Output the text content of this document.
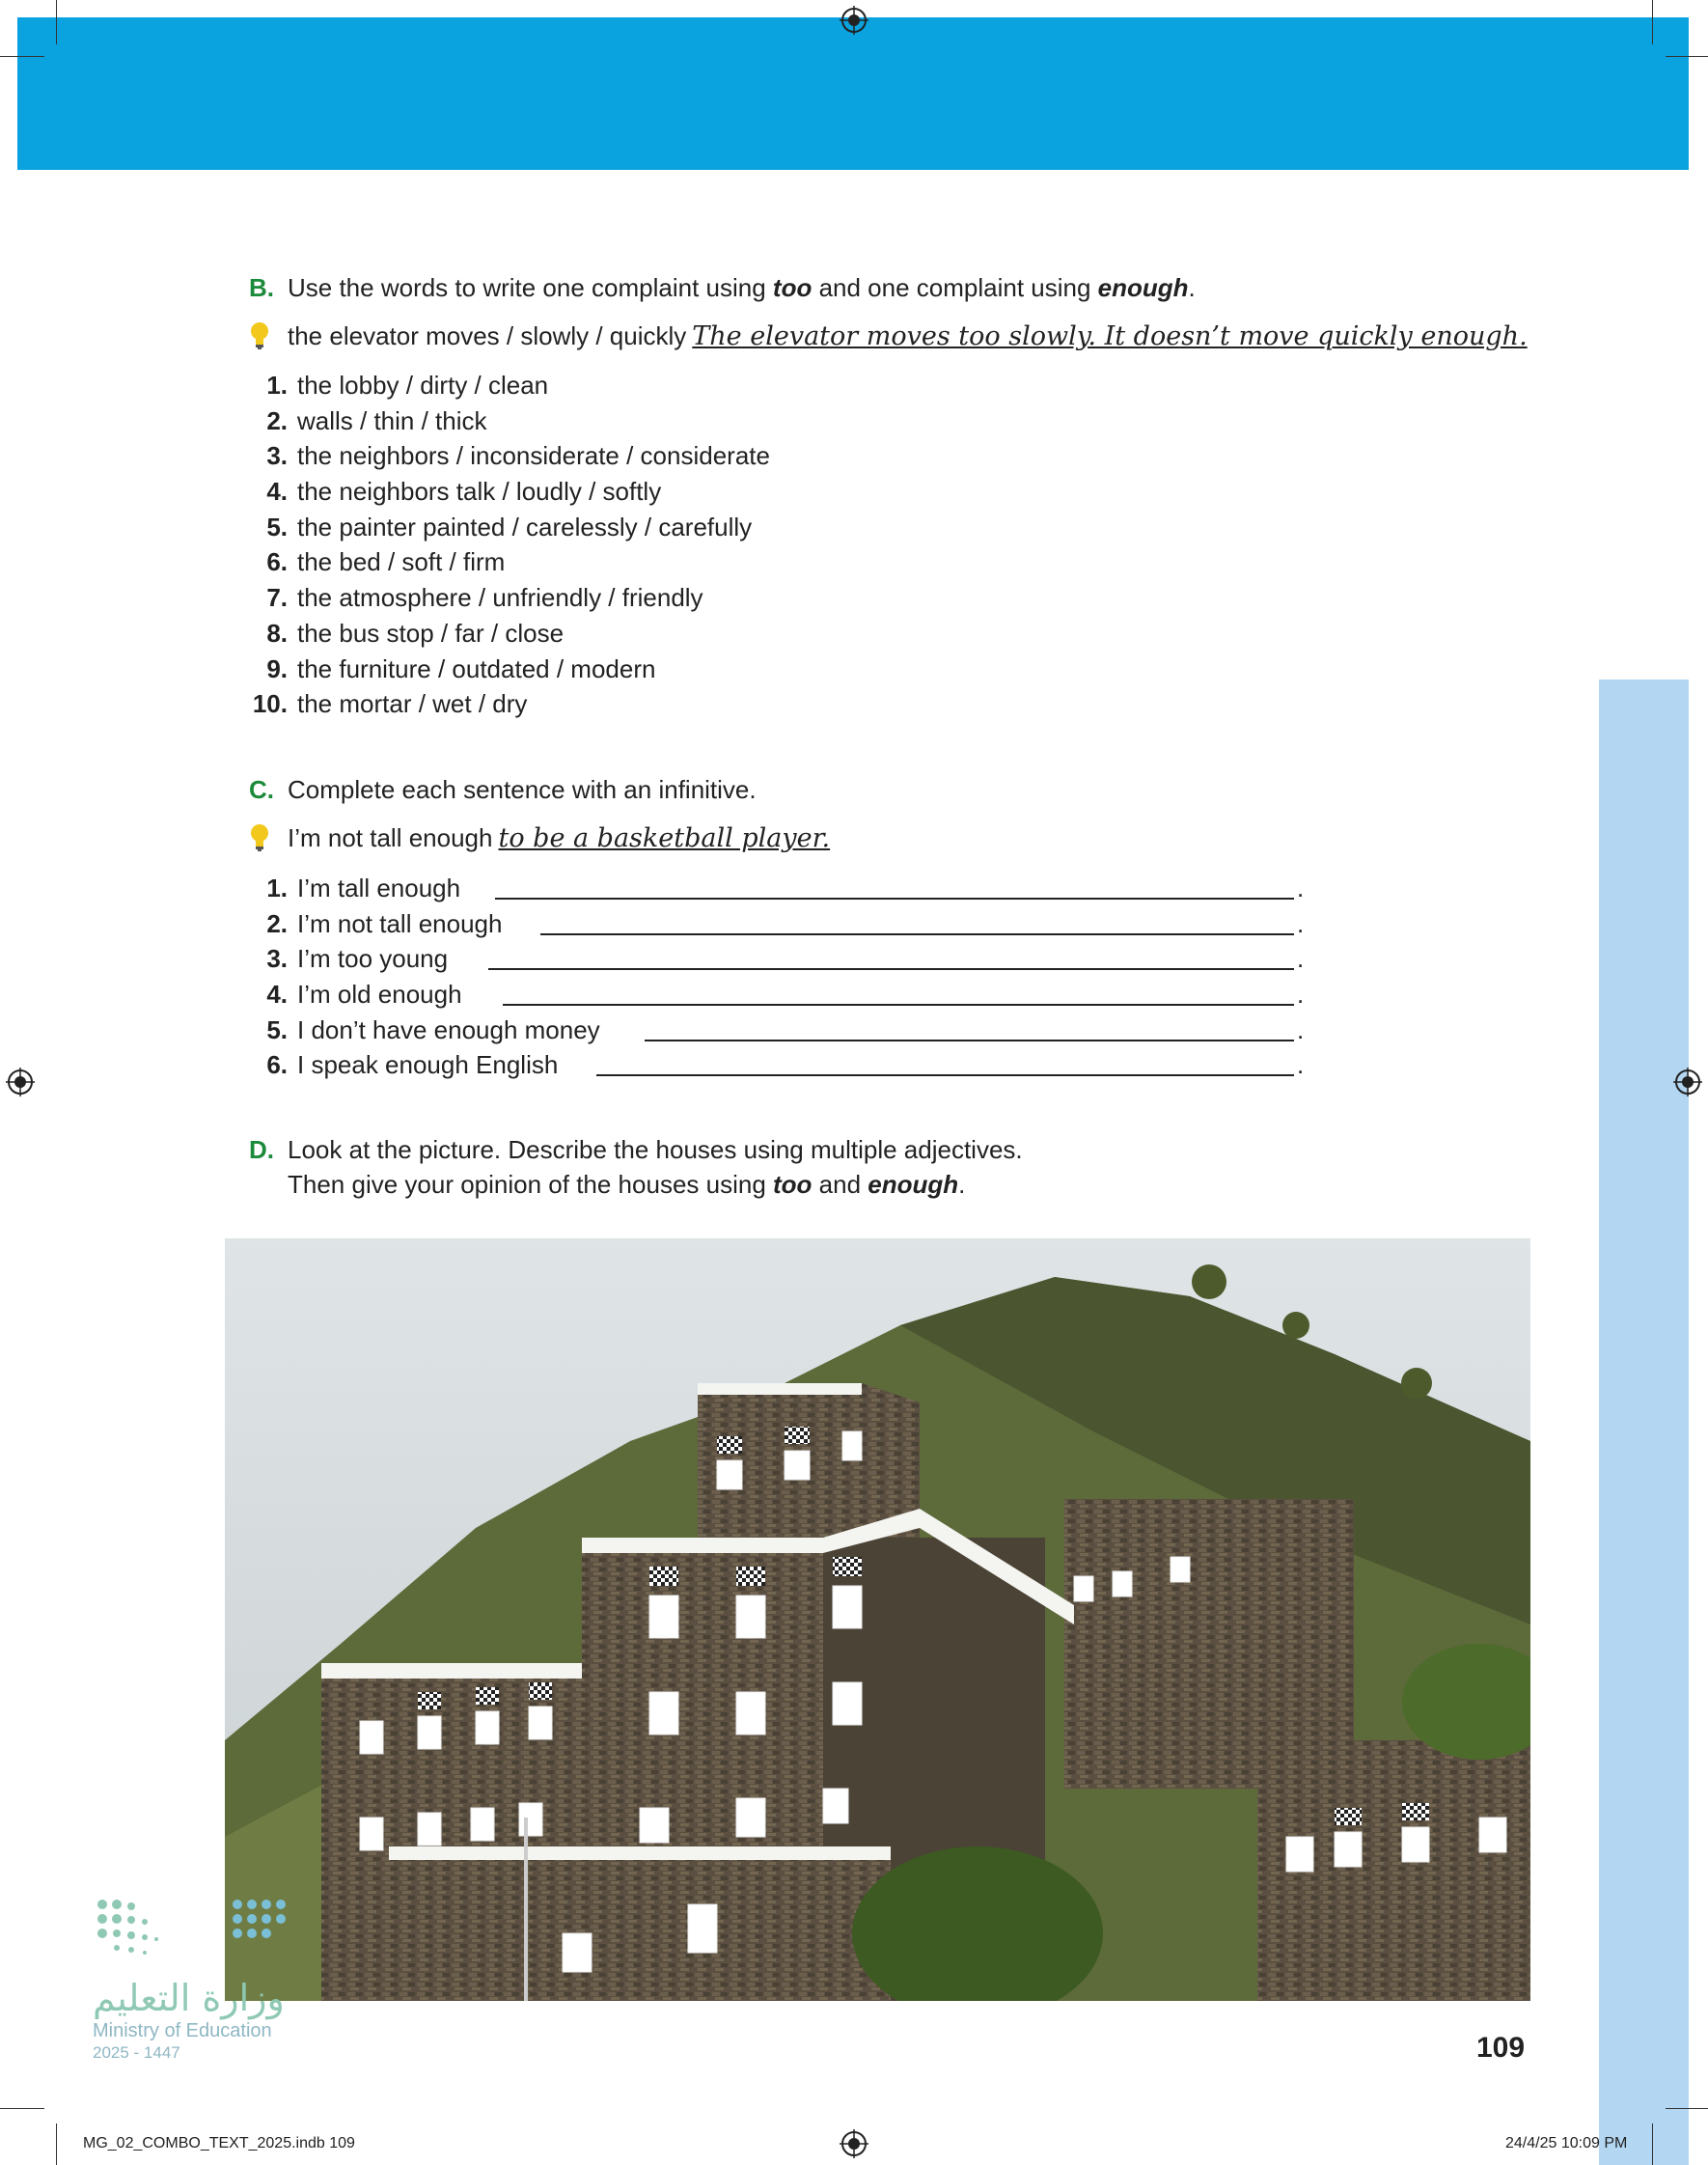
B. Use the words to write one complaint using too and one complaint using enough.
the elevator moves / slowly / quickly The elevator moves too slowly. It doesn’t move quickly enough.
1. the lobby / dirty / clean
2. walls / thin / thick
3. the neighbors / inconsiderate / considerate
4. the neighbors talk / loudly / softly
5. the painter painted / carelessly / carefully
6. the bed / soft / firm
7. the atmosphere / unfriendly / friendly
8. the bus stop / far / close
9. the furniture / outdated / modern
10. the mortar / wet / dry
C. Complete each sentence with an infinitive.
I’m not tall enough to be a basketball player.
1. I’m tall enough	.
2. I’m not tall enough	.
3. I’m too young	.
4. I’m old enough	.
5. I don’t have enough money	.
6. I speak enough English	.
D. Look at the picture. Describe the houses using multiple adjectives.
Then give your opinion of the houses using too and enough.
وزارة التعليم
Ministry of Education
2025 - 1447	109
MG_02_COMBO_TEXT_2025.indb 109	24/4/25 10:09 PM
